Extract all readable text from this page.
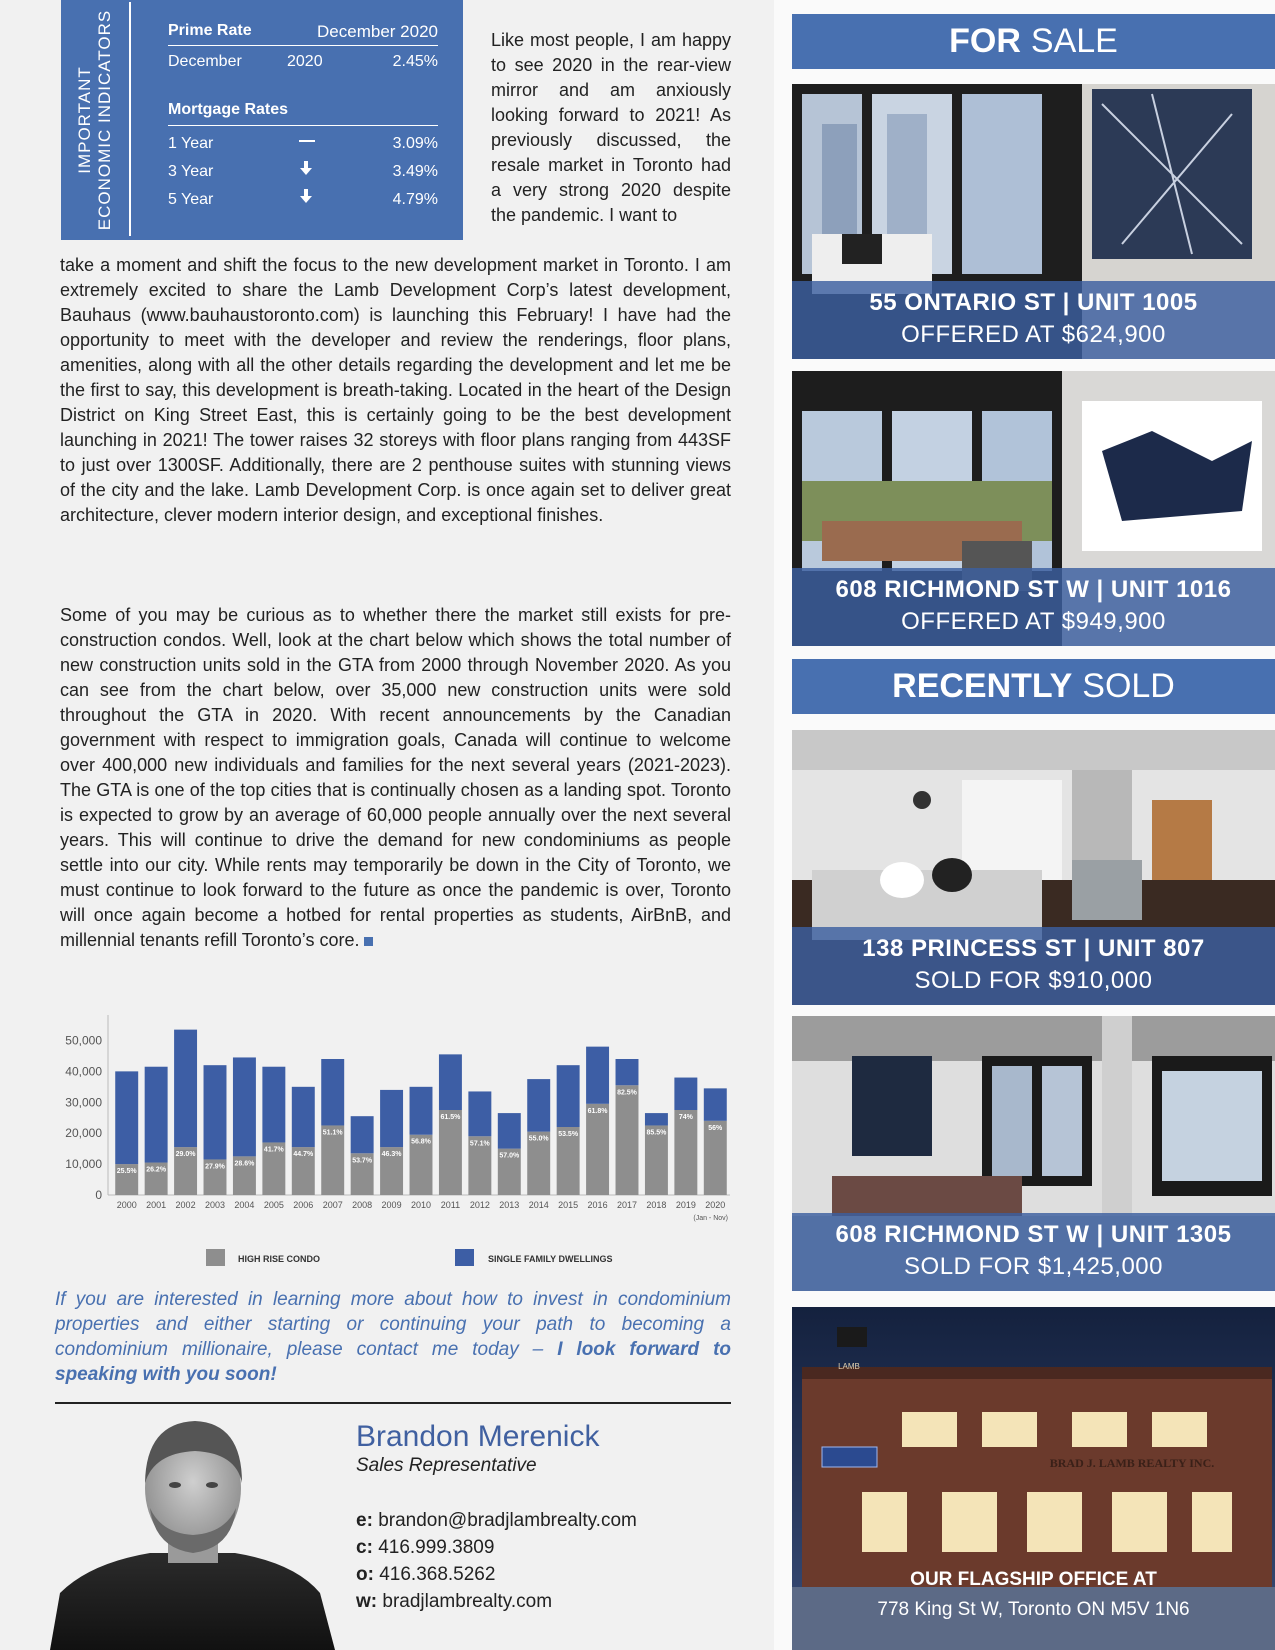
IMPORTANT ECONOMIC INDICATORS	Prime Rate	December 2020
December	2020	2.45%
Mortgage Rates
1 Year	3.09%
3 Year	3.49%
5 Year	4.79%

Like most people, I am happy to see 2020 in the rear-view mirror and am anxiously looking forward to 2021! As previously discussed, the resale market in Toronto had a very strong 2020 despite the pandemic. I want to

take a moment and shift the focus to the new development market in Toronto. I am extremely excited to share the Lamb Development Corp’s latest development, Bauhaus (www.bauhaustoronto.com) is launching this February! I have had the opportunity to meet with the developer and review the renderings, floor plans, amenities, along with all the other details regarding the development and let me be the first to say, this development is breath-taking. Located in the heart of the Design District on King Street East, this is certainly going to be the best development launching in 2021! The tower raises 32 storeys with floor plans ranging from 443SF to just over 1300SF. Additionally, there are 2 penthouse suites with stunning views of the city and the lake. Lamb Development Corp. is once again set to deliver great architecture, clever modern interior design, and exceptional finishes.

Some of you may be curious as to whether there the market still exists for pre-construction condos. Well, look at the chart below which shows the total number of new construction units sold in the GTA from 2000 through November 2020. As you can see from the chart below, over 35,000 new construction units were sold throughout the GTA in 2020. With recent announcements by the Canadian government with respect to immigration goals, Canada will continue to welcome over 400,000 new individuals and families for the next several years (2021-2023). The GTA is one of the top cities that is continually chosen as a landing spot. Toronto is expected to grow by an average of 60,000 people annually over the next several years. This will continue to drive the demand for new condominiums as people settle into our city. While rents may temporarily be down in the City of Toronto, we must continue to look forward to the future as once the pandemic is over, Toronto will once again become a hotbed for rental properties as students, AirBnB, and millennial tenants refill Toronto’s core.

0
10,000
20,000
30,000
40,000
50,000
25.5% 26.2%
29.0%
27.9% 28.6%
41.7%
44.7%
51.1%
53.7%
46.3%
56.8%
61.5%
57.1%
57.0%
55.0%
53.5%
61.8%
82.5%
85.5%
74%
56%
2000 2001 2002 2003 2004 2005 2006 2007 2008 2009 2010 2011 2012 2013 2014 2015 2016 2017 2018 2019 2020
(Jan - Nov)
HIGH RISE CONDO	SINGLE FAMILY DWELLINGS

If you are interested in learning more about how to invest in condominium properties and either starting or continuing your path to becoming a condominium millionaire, please contact me today – I look forward to speaking with you soon!

Brandon Merenick
Sales Representative
e: brandon@bradjlambrealty.com
c: 416.999.3809
o: 416.368.5262
w: bradjlambrealty.com
FOR SALE
55 ONTARIO ST | UNIT 1005
OFFERED AT $624,900
608 RICHMOND ST W | UNIT 1016
OFFERED AT $949,900
RECENTLY SOLD
138 PRINCESS ST | UNIT 807
SOLD FOR $910,000
608 RICHMOND ST W | UNIT 1305
SOLD FOR $1,425,000
BRAD J. LAMB REALTY INC.
LAMB
OUR FLAGSHIP OFFICE AT
778 King St W, Toronto ON M5V 1N6
